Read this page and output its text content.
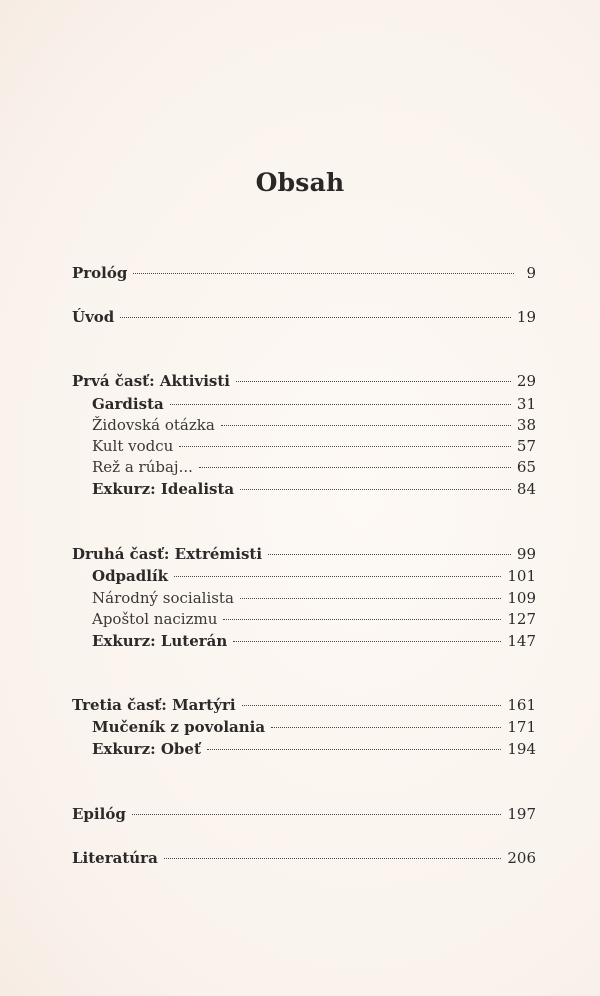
Obsah
Prológ	9
Úvod	19
Prvá časť: Aktivisti	29
Gardista	31
Židovská otázka	38
Kult vodcu	57
Rež a rúbaj...	65
Exkurz: Idealista	84
Druhá časť: Extrémisti	99
Odpadlík	101
Národný socialista	109
Apoštol nacizmu	127
Exkurz: Luterán	147
Tretia časť: Martýri	161
Mučeník z povolania	171
Exkurz: Obeť	194
Epilóg	197
Literatúra	206
